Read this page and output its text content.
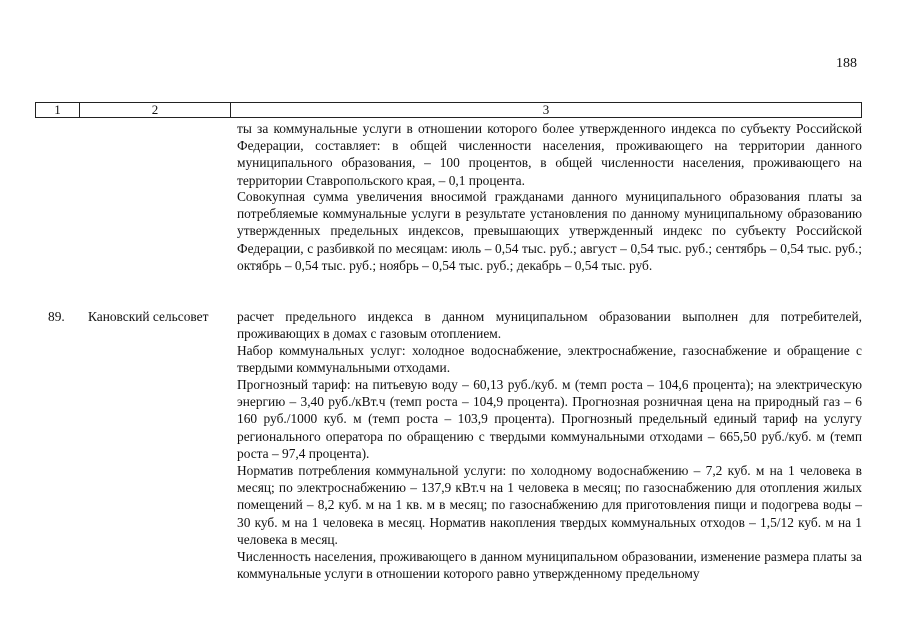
188
1	2	3

ты за коммунальные услуги в отношении которого более утвержденного индекса по субъекту Российской Федерации, составляет: в общей численности населения, проживающего на территории данного муниципального образования, – 100 процентов, в общей численности населения, проживающего на территории Ставропольского края, – 0,1 процента.

Совокупная сумма увеличения вносимой гражданами данного муниципального образования платы за потребляемые коммунальные услуги в результате установления по данному муниципальному образованию утвержденных предельных индексов, превышающих утвержденный индекс по субъекту Российской Федерации, с разбивкой по месяцам: июль – 0,54 тыс. руб.; август – 0,54 тыс. руб.; сентябрь – 0,54 тыс. руб.; октябрь – 0,54 тыс. руб.; ноябрь – 0,54 тыс. руб.; декабрь – 0,54 тыс. руб.

89. Кановский сельсовет расчет предельного индекса в данном муниципальном образовании выполнен для потребителей, проживающих в домах с газовым отоплением.

Набор коммунальных услуг: холодное водоснабжение, электроснабжение, газоснабжение и обращение с твердыми коммунальными отходами.

Прогнозный тариф: на питьевую воду – 60,13 руб./куб. м (темп роста – 104,6 процента); на электрическую энергию – 3,40 руб./кВт.ч (темп роста – 104,9 процента). Прогнозная розничная цена на природный газ – 6 160 руб./1000 куб. м (темп роста – 103,9 процента). Прогнозный предельный единый тариф на услугу регионального оператора по обращению с твердыми коммунальными отходами – 665,50 руб./куб. м (темп роста – 97,4 процента).

Норматив потребления коммунальной услуги: по холодному водоснабжению – 7,2 куб. м на 1 человека в месяц; по электроснабжению – 137,9 кВт.ч на 1 человека в месяц; по газоснабжению для отопления жилых помещений – 8,2 куб. м на 1 кв. м в месяц; по газоснабжению для приготовления пищи и подогрева воды – 30 куб. м на 1 человека в месяц. Норматив накопления твердых коммунальных отходов – 1,5/12 куб. м на 1 человека в месяц.

Численность населения, проживающего в данном муниципальном образовании, изменение размера платы за коммунальные услуги в отношении которого равно утвержденному предельному
